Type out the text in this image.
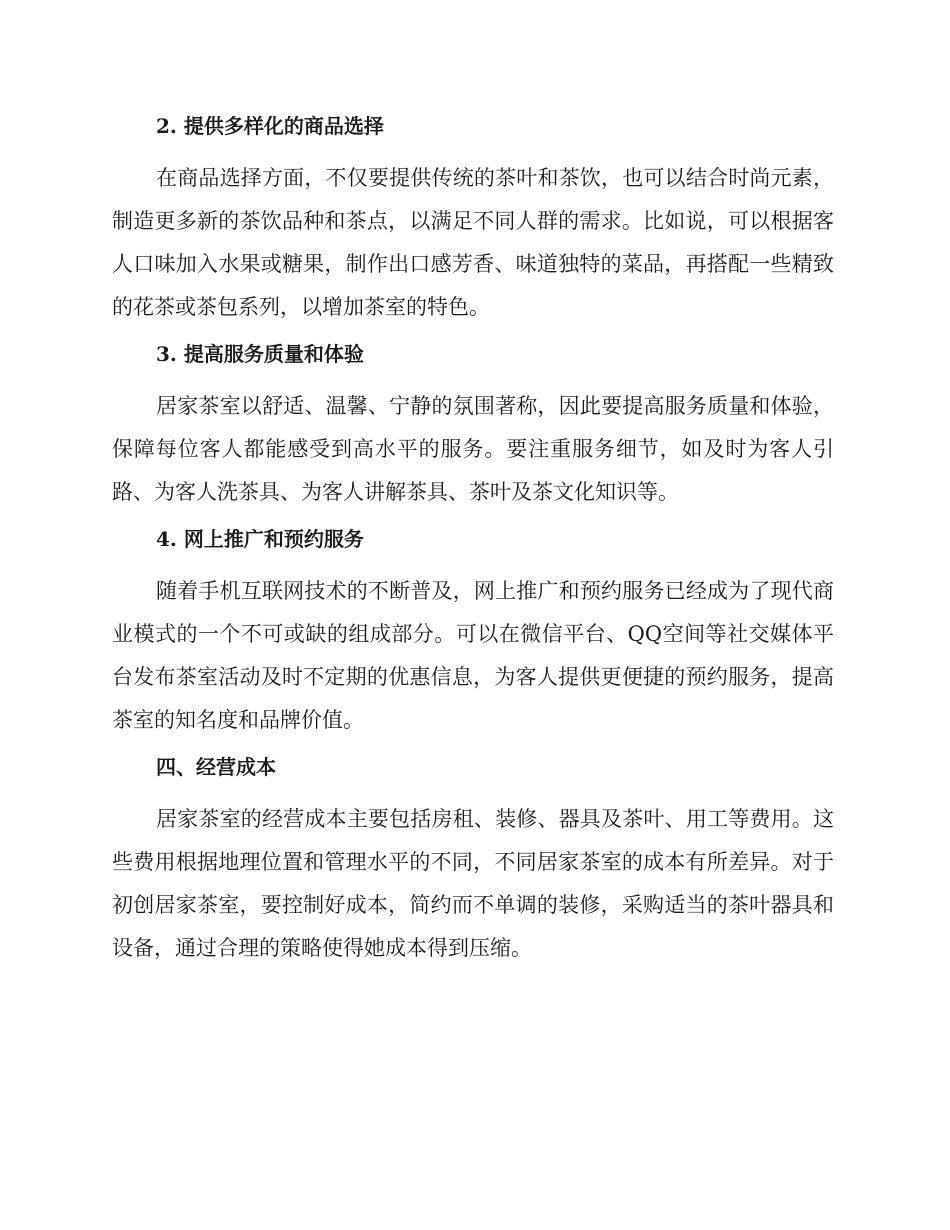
2. 提供多样化的商品选择

在商品选择方面，不仅要提供传统的茶叶和茶饮，也可以结合时尚元素，制造更多新的茶饮品种和茶点，以满足不同人群的需求。比如说，可以根据客人口味加入水果或糖果，制作出口感芳香、味道独特的菜品，再搭配一些精致的花茶或茶包系列，以增加茶室的特色。

3. 提高服务质量和体验

居家茶室以舒适、温馨、宁静的氛围著称，因此要提高服务质量和体验，保障每位客人都能感受到高水平的服务。要注重服务细节，如及时为客人引路、为客人洗茶具、为客人讲解茶具、茶叶及茶文化知识等。

4. 网上推广和预约服务

随着手机互联网技术的不断普及，网上推广和预约服务已经成为了现代商业模式的一个不可或缺的组成部分。可以在微信平台、QQ空间等社交媒体平台发布茶室活动及时不定期的优惠信息，为客人提供更便捷的预约服务，提高茶室的知名度和品牌价值。

四、经营成本

居家茶室的经营成本主要包括房租、装修、器具及茶叶、用工等费用。这些费用根据地理位置和管理水平的不同，不同居家茶室的成本有所差异。对于初创居家茶室，要控制好成本，简约而不单调的装修，采购适当的茶叶器具和设备，通过合理的策略使得她成本得到压缩。
